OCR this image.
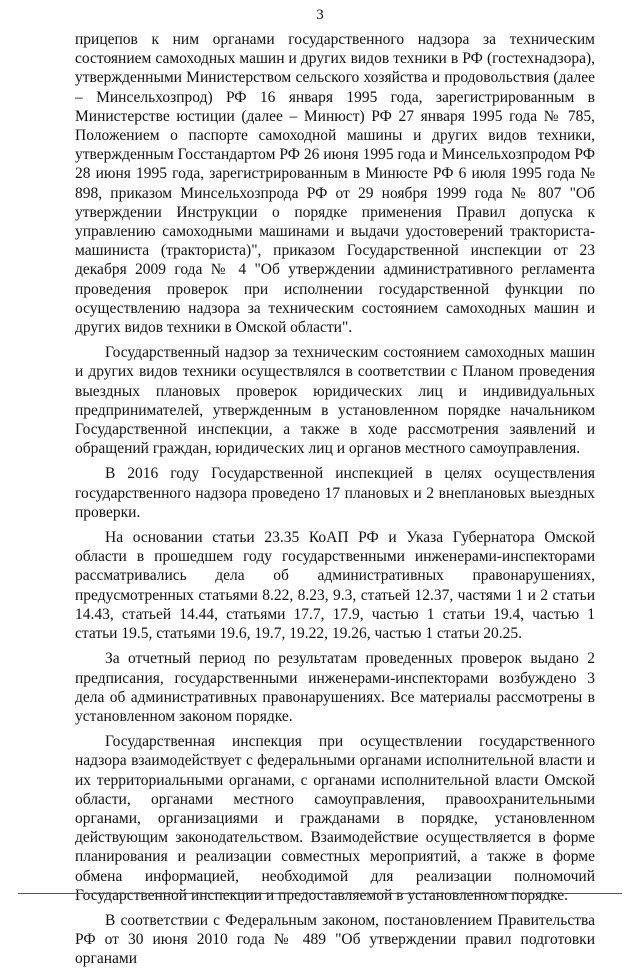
3

прицепов к ним органами государственного надзора за техническим состоянием самоходных машин и других видов техники в РФ (гостехнадзора), утвержденными Министерством сельского хозяйства и продовольствия (далее – Минсельхозпрод) РФ 16 января 1995 года, зарегистрированным в Министерстве юстиции (далее – Минюст) РФ 27 января 1995 года № 785, Положением о паспорте самоходной машины и других видов техники, утвержденным Госстандартом РФ 26 июня 1995 года и Минсельхозпродом РФ 28 июня 1995 года, зарегистрированным в Минюсте РФ 6 июля 1995 года № 898, приказом Минсельхозпрода РФ от 29 ноября 1999 года № 807 "Об утверждении Инструкции о порядке применения Правил допуска к управлению самоходными машинами и выдачи удостоверений тракториста-машиниста (тракториста)", приказом Государственной инспекции от 23 декабря 2009 года № 4 "Об утверждении административного регламента проведения проверок при исполнении государственной функции по осуществлению надзора за техническим состоянием самоходных машин и других видов техники в Омской области".

Государственный надзор за техническим состоянием самоходных машин и других видов техники осуществлялся в соответствии с Планом проведения выездных плановых проверок юридических лиц и индивидуальных предпринимателей, утвержденным в установленном порядке начальником Государственной инспекции, а также в ходе рассмотрения заявлений и обращений граждан, юридических лиц и органов местного самоуправления.

В 2016 году Государственной инспекцией в целях осуществления государственного надзора проведено 17 плановых и 2 внеплановых выездных проверки.

На основании статьи 23.35 КоАП РФ и Указа Губернатора Омской области в прошедшем году государственными инженерами-инспекторами рассматривались дела об административных правонарушениях, предусмотренных статьями 8.22, 8.23, 9.3, статьей 12.37, частями 1 и 2 статьи 14.43, статьей 14.44, статьями 17.7, 17.9, частью 1 статьи 19.4, частью 1 статьи 19.5, статьями 19.6, 19.7, 19.22, 19.26, частью 1 статьи 20.25.

За отчетный период по результатам проведенных проверок выдано 2 предписания, государственными инженерами-инспекторами возбуждено 3 дела об административных правонарушениях. Все материалы рассмотрены в установленном законом порядке.

Государственная инспекция при осуществлении государственного надзора взаимодействует с федеральными органами исполнительной власти и их территориальными органами, с органами исполнительной власти Омской области, органами местного самоуправления, правоохранительными органами, организациями и гражданами в порядке, установленном действующим законодательством. Взаимодействие осуществляется в форме планирования и реализации совместных мероприятий, а также в форме обмена информацией, необходимой для реализации полномочий Государственной инспекции и предоставляемой в установленном порядке.

В соответствии с Федеральным законом, постановлением Правительства РФ от 30 июня 2010 года № 489 "Об утверждении правил подготовки органами
